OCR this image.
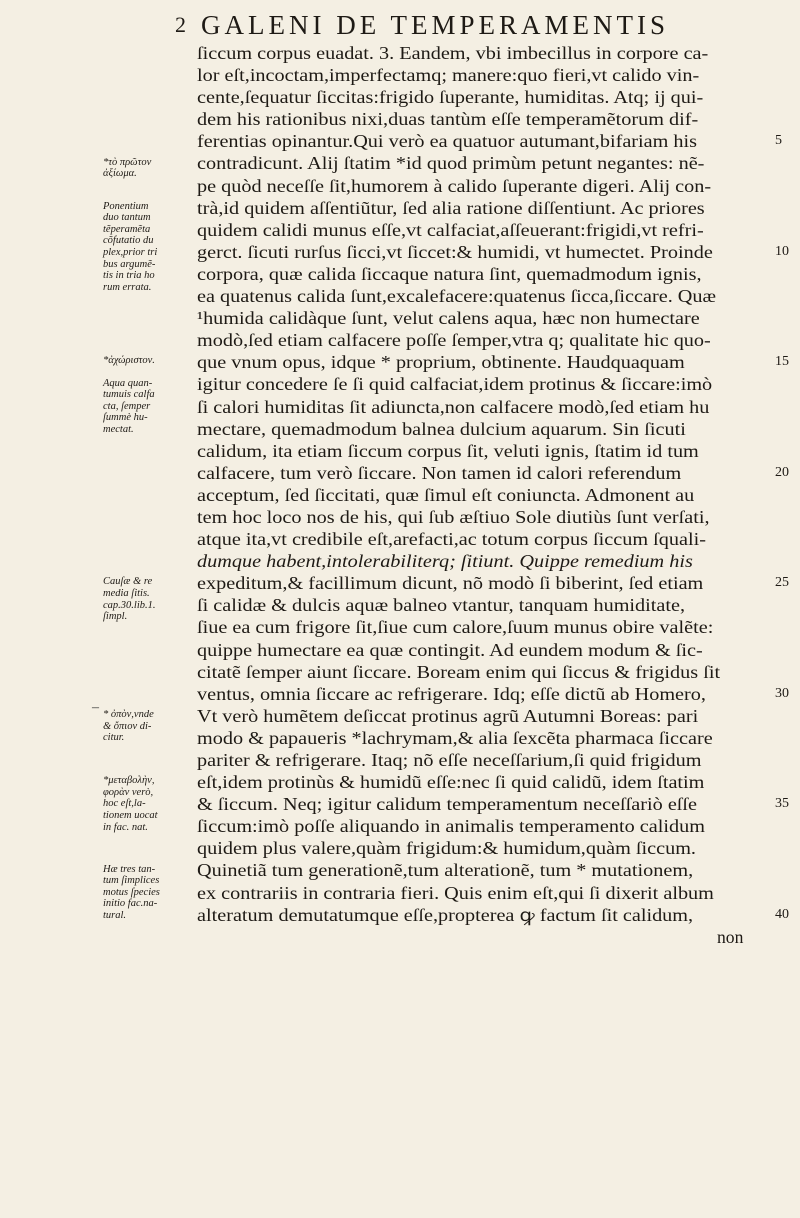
2 GALENI DE TEMPERAMENTIS
ſiccum corpus euadat. 3. Eandem, vbi imbecillus in corpore ca-
lor eſt,incoctam,imperfectamq; manere:quo fieri,vt calido vin-
cente,ſequatur ſiccitas:frigido ſuperante, humiditas. Atq; ij qui-
dem his rationibus nixi,duas tantùm eſſe temperamẽtorum dif-
ferentias opinantur.Qui verò ea quatuor autumant,bifariam his
contradicunt. Alij ſtatim *id quod primùm petunt negantes: nẽ-
pe quòd neceſſe ſit,humorem à calido ſuperante digeri. Alij con-
trà,id quidem aſſentiũtur, ſed alia ratione diſſentiunt. Ac priores
quidem calidi munus eſſe,vt calfaciat,aſſeuerant:frigidi,vt refri-
gerct. ſicuti rurſus ſicci,vt ſiccet:& humidi, vt humectet. Proinde
corpora, quæ calida ſiccaque natura ſint, quemadmodum ignis,
ea quatenus calida ſunt,excalefacere:quatenus ſicca,ſiccare. Quæ
¹humida calidàque ſunt, velut calens aqua, hæc non humectare
modò,ſed etiam calfacere poſſe ſemper,vtra q; qualitate hic quo-
que vnum opus, idque * proprium, obtinente. Haudquaquam
igitur concedere ſe ſi quid calfaciat,idem protinus & ſiccare:imò
ſi calori humiditas ſit adiuncta,non calfacere modò,ſed etiam hu
mectare, quemadmodum balnea dulcium aquarum. Sin ſicuti
calidum, ita etiam ſiccum corpus ſit, veluti ignis, ſtatim id tum
calfacere, tum verò ſiccare. Non tamen id calori referendum
acceptum, ſed ſiccitati, quæ ſimul eſt coniuncta. Admonent au
tem hoc loco nos de his, qui ſub æſtiuo Sole diutiùs ſunt verſati,
atque ita,vt credibile eſt,arefacti,ac totum corpus ſiccum ſquali-
dumque habent,intolerabiliterq; ſitiunt. Quippe remedium his
expeditum,& facillimum dicunt, nõ modò ſi biberint, ſed etiam
ſi calidæ & dulcis aquæ balneo vtantur, tanquam humiditate,
ſiue ea cum frigore ſit,ſiue cum calore,ſuum munus obire valẽte:
quippe humectare ea quæ contingit. Ad eundem modum & ſic-
citatẽ ſemper aiunt ſiccare. Boream enim qui ſiccus & frigidus ſit
ventus, omnia ſiccare ac refrigerare. Idq; eſſe dictũ ab Homero,
Vt verò humẽtem deſiccat protinus agrũ Autumni Boreas: pari
modo & papaueris *lachrymam,& alia ſexcẽta pharmaca ſiccare
pariter & refrigerare. Itaq; nõ eſſe neceſſarium,ſi quid frigidum
eſt,idem protinùs & humidũ eſſe:nec ſi quid calidũ, idem ſtatim
& ſiccum. Neq; igitur calidum temperamentum neceſſariò eſſe
ſiccum:imò poſſe aliquando in animalis temperamento calidum
quidem plus valere,quàm frigidum:& humidum,quàm ſiccum.
Quinetiã tum generationẽ,tum alterationẽ, tum * mutationem,
ex contrariis in contraria fieri. Quis enim eſt,qui ſi dixerit album
alteratum demutatumque eſſe,propterea ꝙ factum ſit calidum,
non
*τὸ πρῶτον
ἀξίωμα.
Ponentium
duo tantum
tẽperamẽta
cõfutatio du
plex,prior tri
bus argumẽ-
tis in tria ho
rum errata.
*ἀχώριστον.
Aqua quan-
tumuis calfa
cta, ſemper
ſummè hu-
mectat.
Cauſæ & re
media ſitis.
cap.30.lib.1.
ſimpl.
* ὀπὸν,vnde
& ὄπιον di-
citur.
*μεταβολὴν,
φορὰν verò,
hoc eſt,la-
tionem uocat
in fac. nat.
Hæ tres tan-
tum ſimplices
motus ſpecies
initio fac.na-
tural.
5
10
15
20
25
30
35
40
–
